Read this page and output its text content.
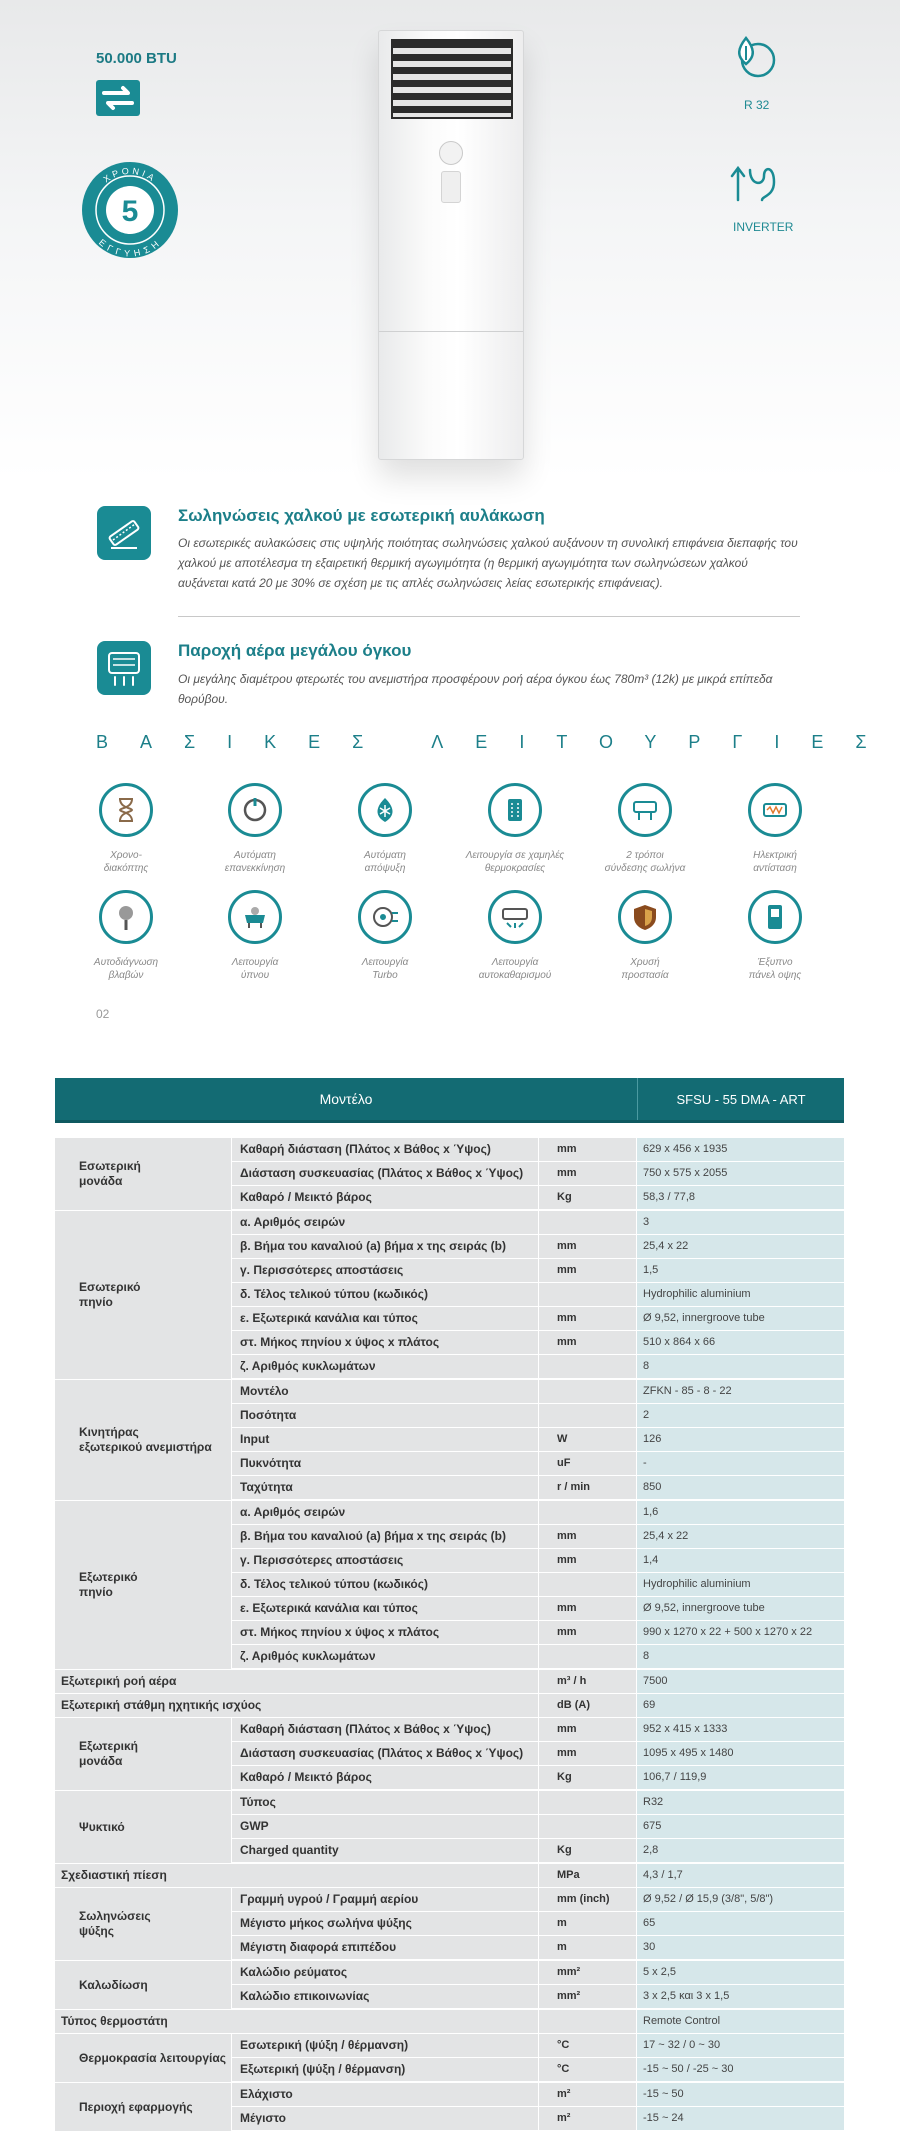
50.000 BTU
5
ΧΡΟΝΙΑ
ΕΓΓΥΗΣΗ
R 32
INVERTER
Σωληνώσεις χαλκού με εσωτερική αυλάκωση
Οι εσωτερικές αυλακώσεις στις υψηλής ποιότητας σωληνώσεις χαλκού αυξάνουν τη συνολική επιφάνεια διεπαφής του χαλκού με αποτέλεσμα τη εξαιρετική θερμική αγωγιμότητα (η θερμική αγωγιμότητα των σωληνώσεων χαλκού αυξάνεται κατά 20 με 30% σε σχέση με τις απλές σωληνώσεις λείας εσωτερικής επιφάνειας).
Παροχή αέρα μεγάλου όγκου
Οι μεγάλης διαμέτρου φτερωτές του ανεμιστήρα προσφέρουν ροή αέρα όγκου έως 780m³ (12k) με μικρά επίπεδα θορύβου.
ΒΑΣΙΚΕΣ ΛΕΙΤΟΥΡΓΙΕΣ
Χρονο-
διακόπτης
Αυτόματη
επανεκκίνηση
Αυτόματη
απόψυξη
Λειτουργία σε χαμηλές
θερμοκρασίες
2 τρόποι
σύνδεσης σωλήνα
Ηλεκτρική
αντίσταση
Αυτοδιάγνωση
βλαβών
Λειτουργία
ύπνου
Λειτουργία
Turbo
Λειτουργία
αυτοκαθαρισμού
Χρυσή
προστασία
Έξυπνο
πάνελ οψης
02
Μοντέλο	SFSU - 55 DMA - ART
Εσωτερική
μονάδα
Καθαρή διάσταση (Πλάτος x Βάθος x Ύψος)	mm	629 x 456 x 1935
Διάσταση συσκευασίας (Πλάτος x Βάθος x Ύψος)	mm	750 x 575 x 2055
Καθαρό / Μεικτό βάρος	Kg	58,3 / 77,8
Εσωτερικό
πηνίο
α. Αριθμός σειρών	3
β. Βήμα του καναλιού (a) βήμα x της σειράς (b)	mm	25,4 x 22
γ. Περισσότερες αποστάσεις	mm	1,5
δ. Τέλος τελικού τύπου (κωδικός)	Hydrophilic aluminium
ε. Εξωτερικά κανάλια και τύπος	mm	Ø 9,52, innergroove tube
στ. Μήκος πηνίου x ύψος x πλάτος	mm	510 x 864 x 66
ζ. Αριθμός κυκλωμάτων	8
Κινητήρας
εξωτερικού ανεμιστήρα
Μοντέλο	ZFKN - 85 - 8 - 22
Ποσότητα	2
Input	W	126
Πυκνότητα	uF	-
Ταχύτητα	r / min	850
Εξωτερικό
πηνίο
α. Αριθμός σειρών	1,6
β. Βήμα του καναλιού (a) βήμα x της σειράς (b)	mm	25,4 x 22
γ. Περισσότερες αποστάσεις	mm	1,4
δ. Τέλος τελικού τύπου (κωδικός)	Hydrophilic aluminium
ε. Εξωτερικά κανάλια και τύπος	mm	Ø 9,52, innergroove tube
στ. Μήκος πηνίου x ύψος x πλάτος	mm	990 x 1270 x 22 + 500 x 1270 x 22
ζ. Αριθμός κυκλωμάτων	8
Εξωτερική ροή αέρα	m³ / h	7500
Εξωτερική στάθμη ηχητικής ισχύος	dB (A)	69
Εξωτερική
μονάδα
Καθαρή διάσταση (Πλάτος x Βάθος x Ύψος)	mm	952 x 415 x 1333
Διάσταση συσκευασίας (Πλάτος x Βάθος x Ύψος)	mm	1095 x 495 x 1480
Καθαρό / Μεικτό βάρος	Kg	106,7 / 119,9
Ψυκτικό
Τύπος	R32
GWP	675
Charged quantity	Kg	2,8
Σχεδιαστική πίεση	MPa	4,3 / 1,7
Σωληνώσεις
ψύξης
Γραμμή υγρού / Γραμμή αερίου	mm (inch)	Ø 9,52 / Ø 15,9 (3/8", 5/8")
Μέγιστο μήκος σωλήνα ψύξης	m	65
Μέγιστη διαφορά επιπέδου	m	30
Καλωδίωση
Καλώδιο ρεύματος	mm²	5 x 2,5
Καλώδιο επικοινωνίας	mm²	3 x 2,5 και 3 x 1,5
Τύπος θερμοστάτη	Remote Control
Θερμοκρασία λειτουργίας
Εσωτερική (ψύξη / θέρμανση)	°C	17 ~ 32 / 0 ~ 30
Εξωτερική (ψύξη / θέρμανση)	°C	-15 ~ 50 / -25 ~ 30
Περιοχή εφαρμογής
Ελάχιστο	m²	-15 ~ 50
Μέγιστο	m²	-15 ~ 24
